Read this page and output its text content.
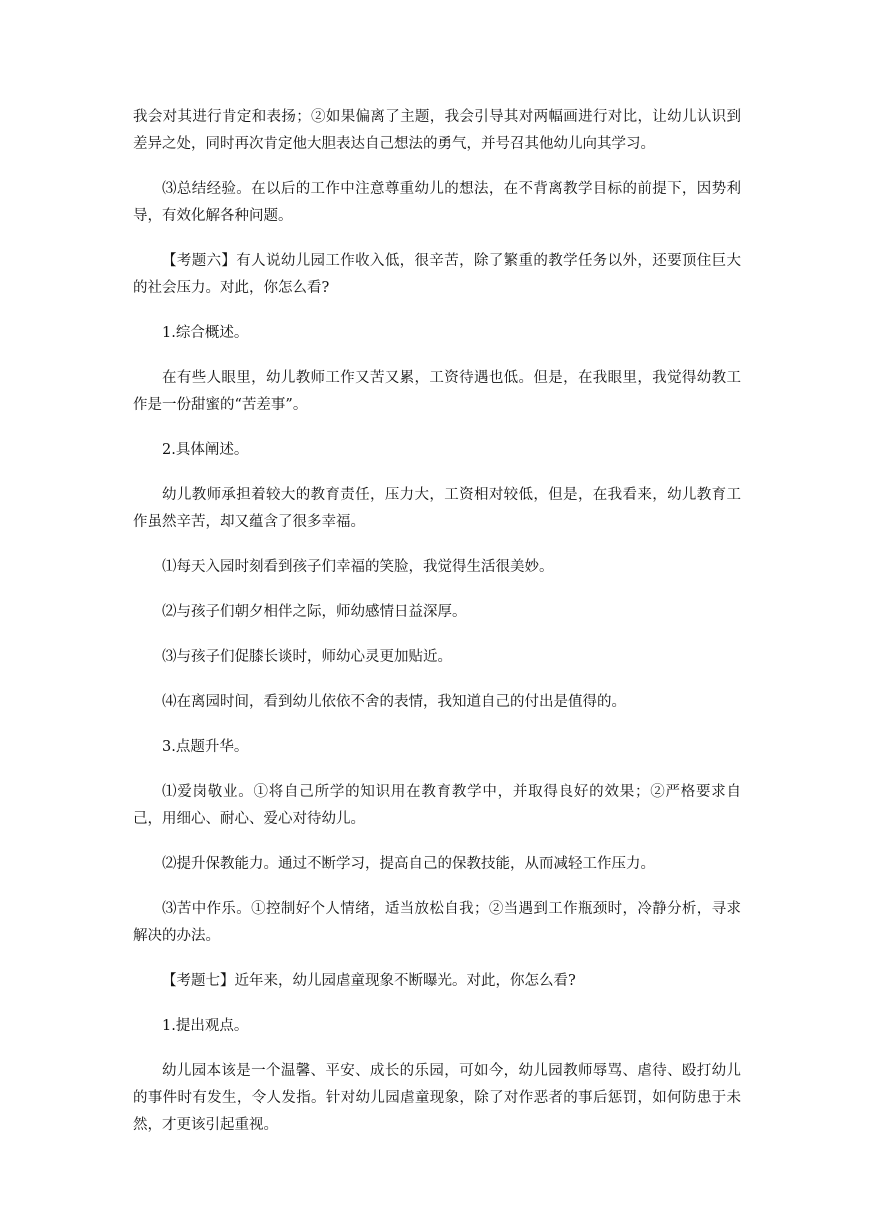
我会对其进行肯定和表扬；②如果偏离了主题，我会引导其对两幅画进行对比，让幼儿认识到差异之处，同时再次肯定他大胆表达自己想法的勇气，并号召其他幼儿向其学习。

⑶总结经验。在以后的工作中注意尊重幼儿的想法，在不背离教学目标的前提下，因势利导，有效化解各种问题。

【考题六】有人说幼儿园工作收入低，很辛苦，除了繁重的教学任务以外，还要顶住巨大的社会压力。对此，你怎么看?

1.综合概述。

在有些人眼里，幼儿教师工作又苦又累，工资待遇也低。但是，在我眼里，我觉得幼教工作是一份甜蜜的“苦差事”。

2.具体阐述。

幼儿教师承担着较大的教育责任，压力大，工资相对较低，但是，在我看来，幼儿教育工作虽然辛苦，却又蕴含了很多幸福。

⑴每天入园时刻看到孩子们幸福的笑脸，我觉得生活很美妙。

⑵与孩子们朝夕相伴之际，师幼感情日益深厚。

⑶与孩子们促膝长谈时，师幼心灵更加贴近。

⑷在离园时间，看到幼儿依依不舍的表情，我知道自己的付出是值得的。

3.点题升华。

⑴爱岗敬业。①将自己所学的知识用在教育教学中，并取得良好的效果；②严格要求自己，用细心、耐心、爱心对待幼儿。

⑵提升保教能力。通过不断学习，提高自己的保教技能，从而减轻工作压力。

⑶苦中作乐。①控制好个人情绪，适当放松自我；②当遇到工作瓶颈时，冷静分析，寻求解决的办法。

【考题七】近年来，幼儿园虐童现象不断曝光。对此，你怎么看?

1.提出观点。

幼儿园本该是一个温馨、平安、成长的乐园，可如今，幼儿园教师辱骂、虐待、殴打幼儿的事件时有发生，令人发指。针对幼儿园虐童现象，除了对作恶者的事后惩罚，如何防患于未然，才更该引起重视。
